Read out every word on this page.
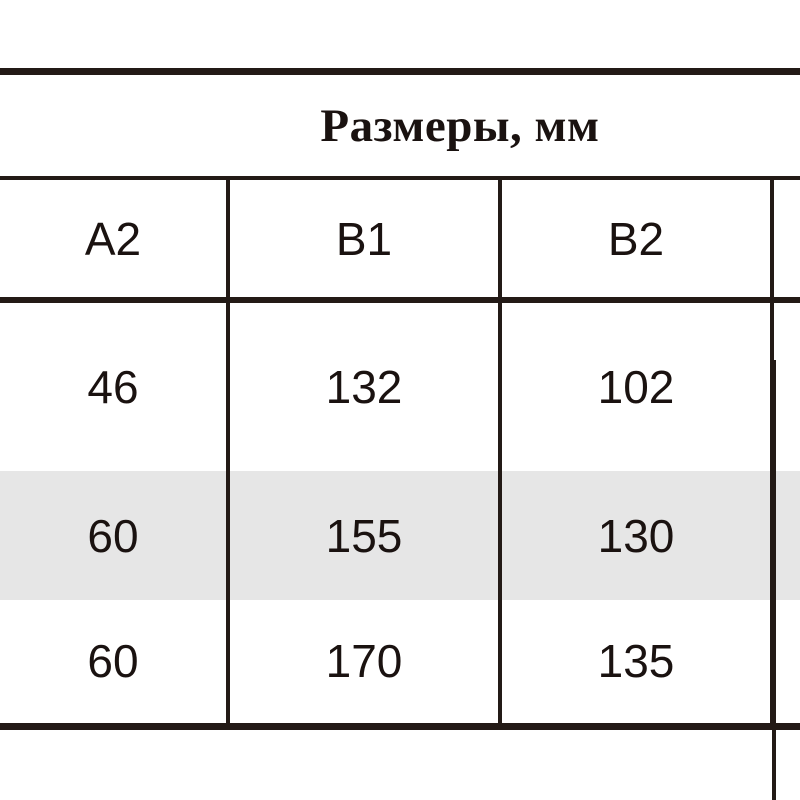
Размеры, мм
A2	B1	B2	
46	132	102	
60	155	130	
60	170	135	
